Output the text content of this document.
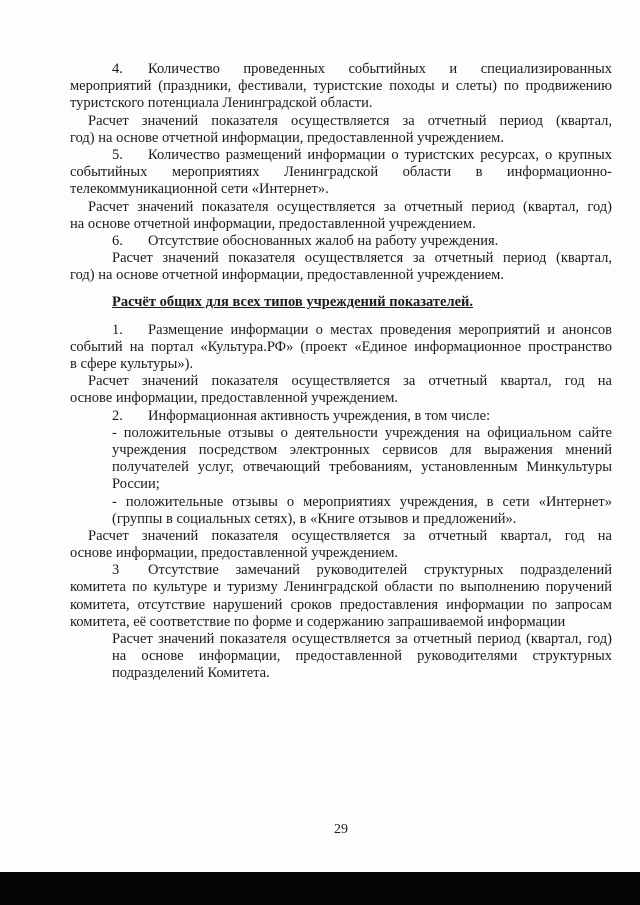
4.	Количество проведенных событийных и специализированных
мероприятий (праздники, фестивали, туристские походы и слеты) по продвижению
туристского потенциала Ленинградской области.
Расчет значений показателя осуществляется за отчетный период (квартал,
год) на основе отчетной информации, предоставленной учреждением.
5.	Количество размещений информации о туристских ресурсах, о крупных
событийных мероприятиях Ленинградской области в информационно-
телекоммуникационной сети «Интернет».
Расчет значений показателя осуществляется за отчетный период (квартал, год)
на основе отчетной информации, предоставленной учреждением.
6.	Отсутствие обоснованных жалоб на работу учреждения.
Расчет значений показателя осуществляется за отчетный период (квартал,
год) на основе отчетной информации, предоставленной учреждением.
Расчёт общих для всех типов учреждений показателей.
1.	Размещение информации о местах проведения мероприятий и анонсов
событий на портал «Культура.РФ» (проект «Единое информационное пространство
в сфере культуры»).
Расчет значений показателя осуществляется за отчетный квартал, год на
основе информации, предоставленной учреждением.
2.	Информационная активность учреждения, в том числе:
- положительные отзывы о деятельности учреждения на официальном сайте
учреждения посредством электронных сервисов для выражения мнений
получателей услуг, отвечающий требованиям, установленным Минкультуры
России;
- положительные отзывы о мероприятиях учреждения, в сети «Интернет»
(группы в социальных сетях), в «Книге отзывов и предложений».
Расчет значений показателя осуществляется за отчетный квартал, год на
основе информации, предоставленной учреждением.
3	Отсутствие замечаний руководителей структурных подразделений
комитета по культуре и туризму Ленинградской области по выполнению поручений
комитета, отсутствие нарушений сроков предоставления информации по запросам
комитета, её соответствие по форме и содержанию запрашиваемой информации
Расчет значений показателя осуществляется за отчетный период (квартал, год)
на основе информации, предоставленной руководителями структурных
подразделений Комитета.
29
